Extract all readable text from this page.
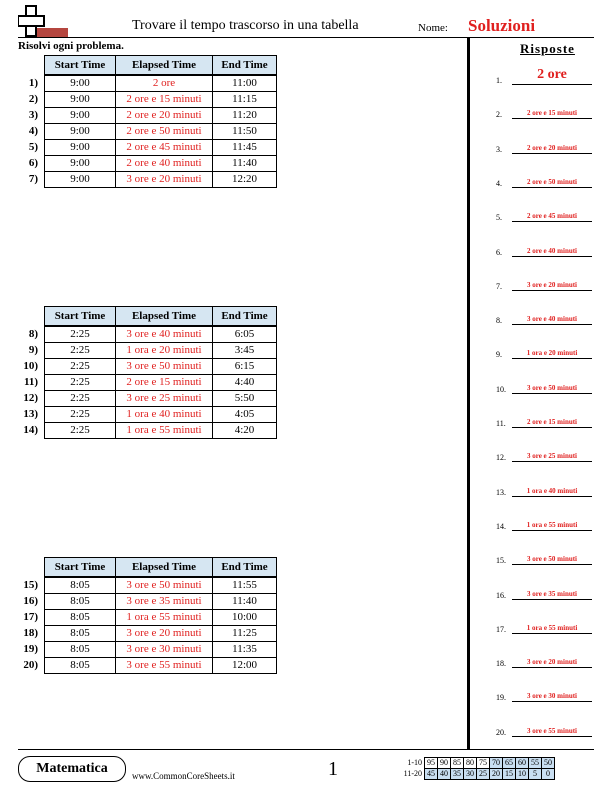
Trovare il tempo trascorso in una tabella	Nome: Soluzioni
Risolvi ogni problema.
	Start Time	Elapsed Time	End Time
1)	9:00	2 ore	11:00
2)	9:00	2 ore e 15 minuti	11:15
3)	9:00	2 ore e 20 minuti	11:20
4)	9:00	2 ore e 50 minuti	11:50
5)	9:00	2 ore e 45 minuti	11:45
6)	9:00	2 ore e 40 minuti	11:40
7)	9:00	3 ore e 20 minuti	12:20
	Start Time	Elapsed Time	End Time
8)	2:25	3 ore e 40 minuti	6:05
9)	2:25	1 ora e 20 minuti	3:45
10)	2:25	3 ore e 50 minuti	6:15
11)	2:25	2 ore e 15 minuti	4:40
12)	2:25	3 ore e 25 minuti	5:50
13)	2:25	1 ora e 40 minuti	4:05
14)	2:25	1 ora e 55 minuti	4:20
	Start Time	Elapsed Time	End Time
15)	8:05	3 ore e 50 minuti	11:55
16)	8:05	3 ore e 35 minuti	11:40
17)	8:05	1 ora e 55 minuti	10:00
18)	8:05	3 ore e 20 minuti	11:25
19)	8:05	3 ore e 30 minuti	11:35
20)	8:05	3 ore e 55 minuti	12:00
Risposte
1.	2 ore
2.	2 ore e 15 minuti
3.	2 ore e 20 minuti
4.	2 ore e 50 minuti
5.	2 ore e 45 minuti
6.	2 ore e 40 minuti
7.	3 ore e 20 minuti
8.	3 ore e 40 minuti
9.	1 ora e 20 minuti
10.	3 ore e 50 minuti
11.	2 ore e 15 minuti
12.	3 ore e 25 minuti
13.	1 ora e 40 minuti
14.	1 ora e 55 minuti
15.	3 ore e 50 minuti
16.	3 ore e 35 minuti
17.	1 ora e 55 minuti
18.	3 ore e 20 minuti
19.	3 ore e 30 minuti
20.	3 ore e 55 minuti
Matematica	www.CommonCoreSheets.it	1	1-10	95	90	85	80	75	70	65	60	55	50
11-20	45	40	35	30	25	20	15	10	5	0
